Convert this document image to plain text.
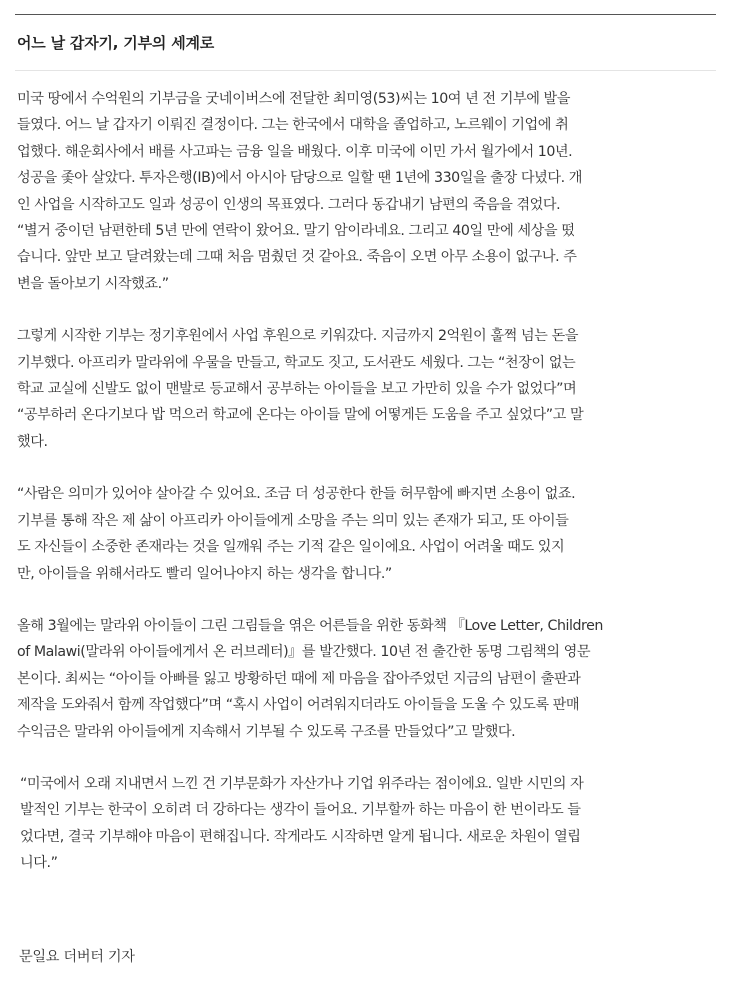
어느 날 갑자기, 기부의 세계로

미국 땅에서 수억원의 기부금을 굿네이버스에 전달한 최미영(53)씨는 10여 년 전 기부에 발을
들였다. 어느 날 갑자기 이뤄진 결정이다. 그는 한국에서 대학을 졸업하고, 노르웨이 기업에 취
업했다. 해운회사에서 배를 사고파는 금융 일을 배웠다. 이후 미국에 이민 가서 월가에서 10년.
성공을 좇아 살았다. 투자은행(IB)에서 아시아 담당으로 일할 땐 1년에 330일을 출장 다녔다. 개
인 사업을 시작하고도 일과 성공이 인생의 목표였다. 그러다 동갑내기 남편의 죽음을 겪었다.
“별거 중이던 남편한테 5년 만에 연락이 왔어요. 말기 암이라네요. 그리고 40일 만에 세상을 떴
습니다. 앞만 보고 달려왔는데 그때 처음 멈췄던 것 같아요. 죽음이 오면 아무 소용이 없구나. 주
변을 돌아보기 시작했죠.”

그렇게 시작한 기부는 정기후원에서 사업 후원으로 키워갔다. 지금까지 2억원이 훌쩍 넘는 돈을
기부했다. 아프리카 말라위에 우물을 만들고, 학교도 짓고, 도서관도 세웠다. 그는 “천장이 없는
학교 교실에 신발도 없이 맨발로 등교해서 공부하는 아이들을 보고 가만히 있을 수가 없었다”며
“공부하러 온다기보다 밥 먹으러 학교에 온다는 아이들 말에 어떻게든 도움을 주고 싶었다”고 말
했다.

“사람은 의미가 있어야 살아갈 수 있어요. 조금 더 성공한다 한들 허무함에 빠지면 소용이 없죠.
기부를 통해 작은 제 삶이 아프리카 아이들에게 소망을 주는 의미 있는 존재가 되고, 또 아이들
도 자신들이 소중한 존재라는 것을 일깨워 주는 기적 같은 일이에요. 사업이 어려울 때도 있지
만, 아이들을 위해서라도 빨리 일어나야지 하는 생각을 합니다.”

올해 3월에는 말라위 아이들이 그린 그림들을 엮은 어른들을 위한 동화책 『Love Letter, Children
of Malawi(말라위 아이들에게서 온 러브레터)』를 발간했다. 10년 전 출간한 동명 그림책의 영문
본이다. 최씨는 “아이들 아빠를 잃고 방황하던 때에 제 마음을 잡아주었던 지금의 남편이 출판과
제작을 도와줘서 함께 작업했다”며 “혹시 사업이 어려워지더라도 아이들을 도울 수 있도록 판매
수익금은 말라위 아이들에게 지속해서 기부될 수 있도록 구조를 만들었다”고 말했다.

“미국에서 오래 지내면서 느낀 건 기부문화가 자산가나 기업 위주라는 점이에요. 일반 시민의 자
발적인 기부는 한국이 오히려 더 강하다는 생각이 들어요. 기부할까 하는 마음이 한 번이라도 들
었다면, 결국 기부해야 마음이 편해집니다. 작게라도 시작하면 알게 됩니다. 새로운 차원이 열립
니다.”

문일요 더버터 기자
